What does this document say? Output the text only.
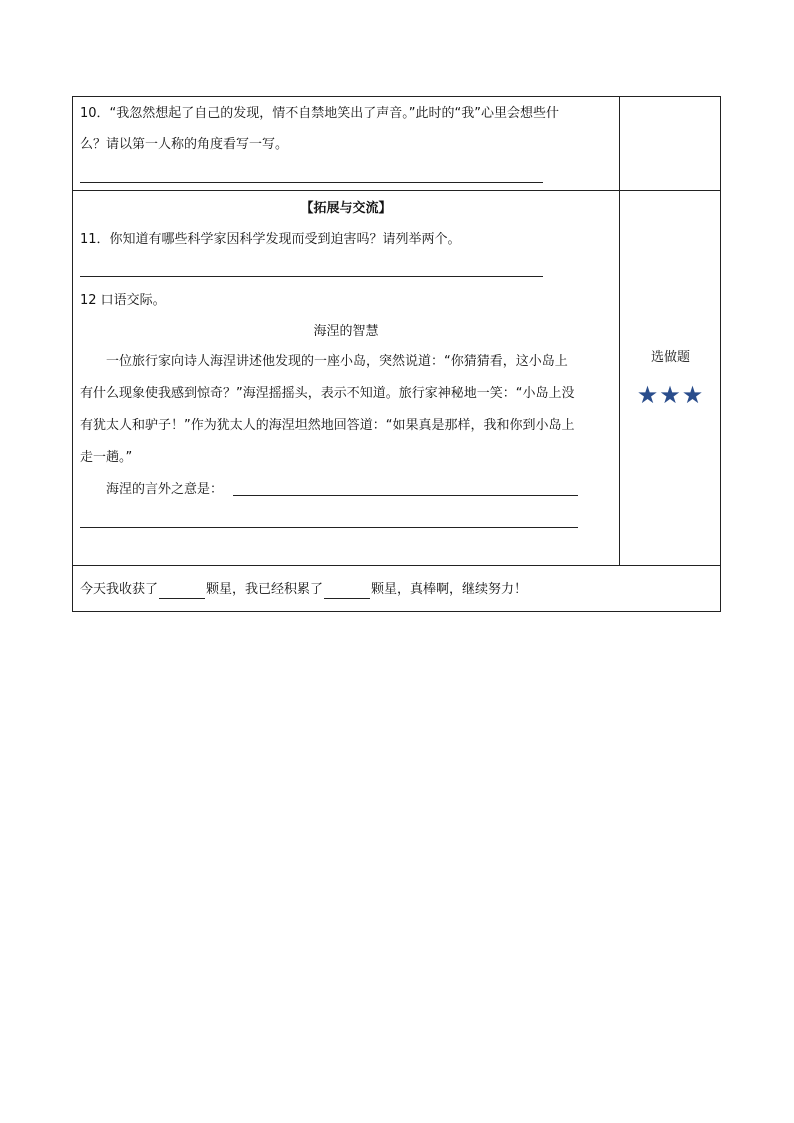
10．“我忽然想起了自己的发现，情不自禁地笑出了声音。”此时的“我”心里会想些什
么？请以第一人称的角度看写一写。
【拓展与交流】
11．你知道有哪些科学家因科学发现而受到迫害吗？请列举两个。
12 口语交际。
海涅的智慧
一位旅行家向诗人海涅讲述他发现的一座小岛，突然说道：“你猜猜看，这小岛上
有什么现象使我感到惊奇？”海涅摇摇头，表示不知道。旅行家神秘地一笑：“小岛上没
有犹太人和驴子！”作为犹太人的海涅坦然地回答道：“如果真是那样，我和你到小岛上
走一趟。”
海涅的言外之意是：
选做题
★★★
今天我收获了	颗星，我已经积累了	颗星，真棒啊，继续努力！
